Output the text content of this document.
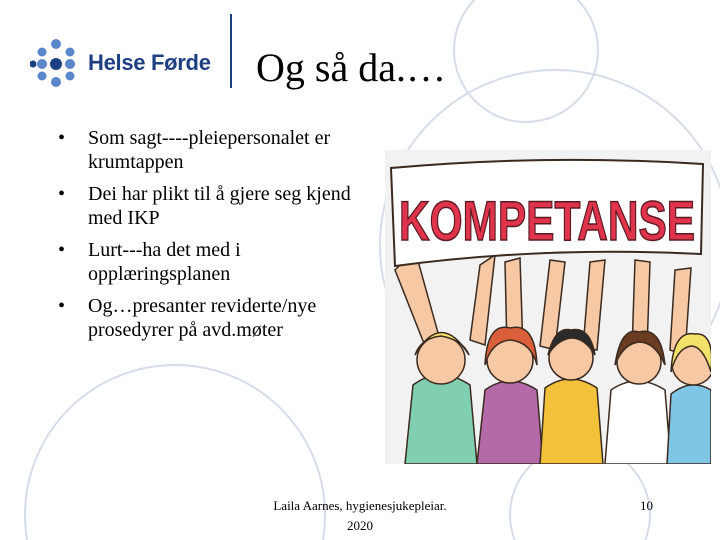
Helse Førde Og så da.…
• Som sagt----pleiepersonalet er krumtappen
• Dei har plikt til å gjere seg kjend med IKP
• Lurt---ha det med i opplæringsplanen
• Og…presanter reviderte/nye prosedyrer på avd.møter
KOMPETANSE
Laila Aarnes, hygienesjukepleiar.
2020
10
